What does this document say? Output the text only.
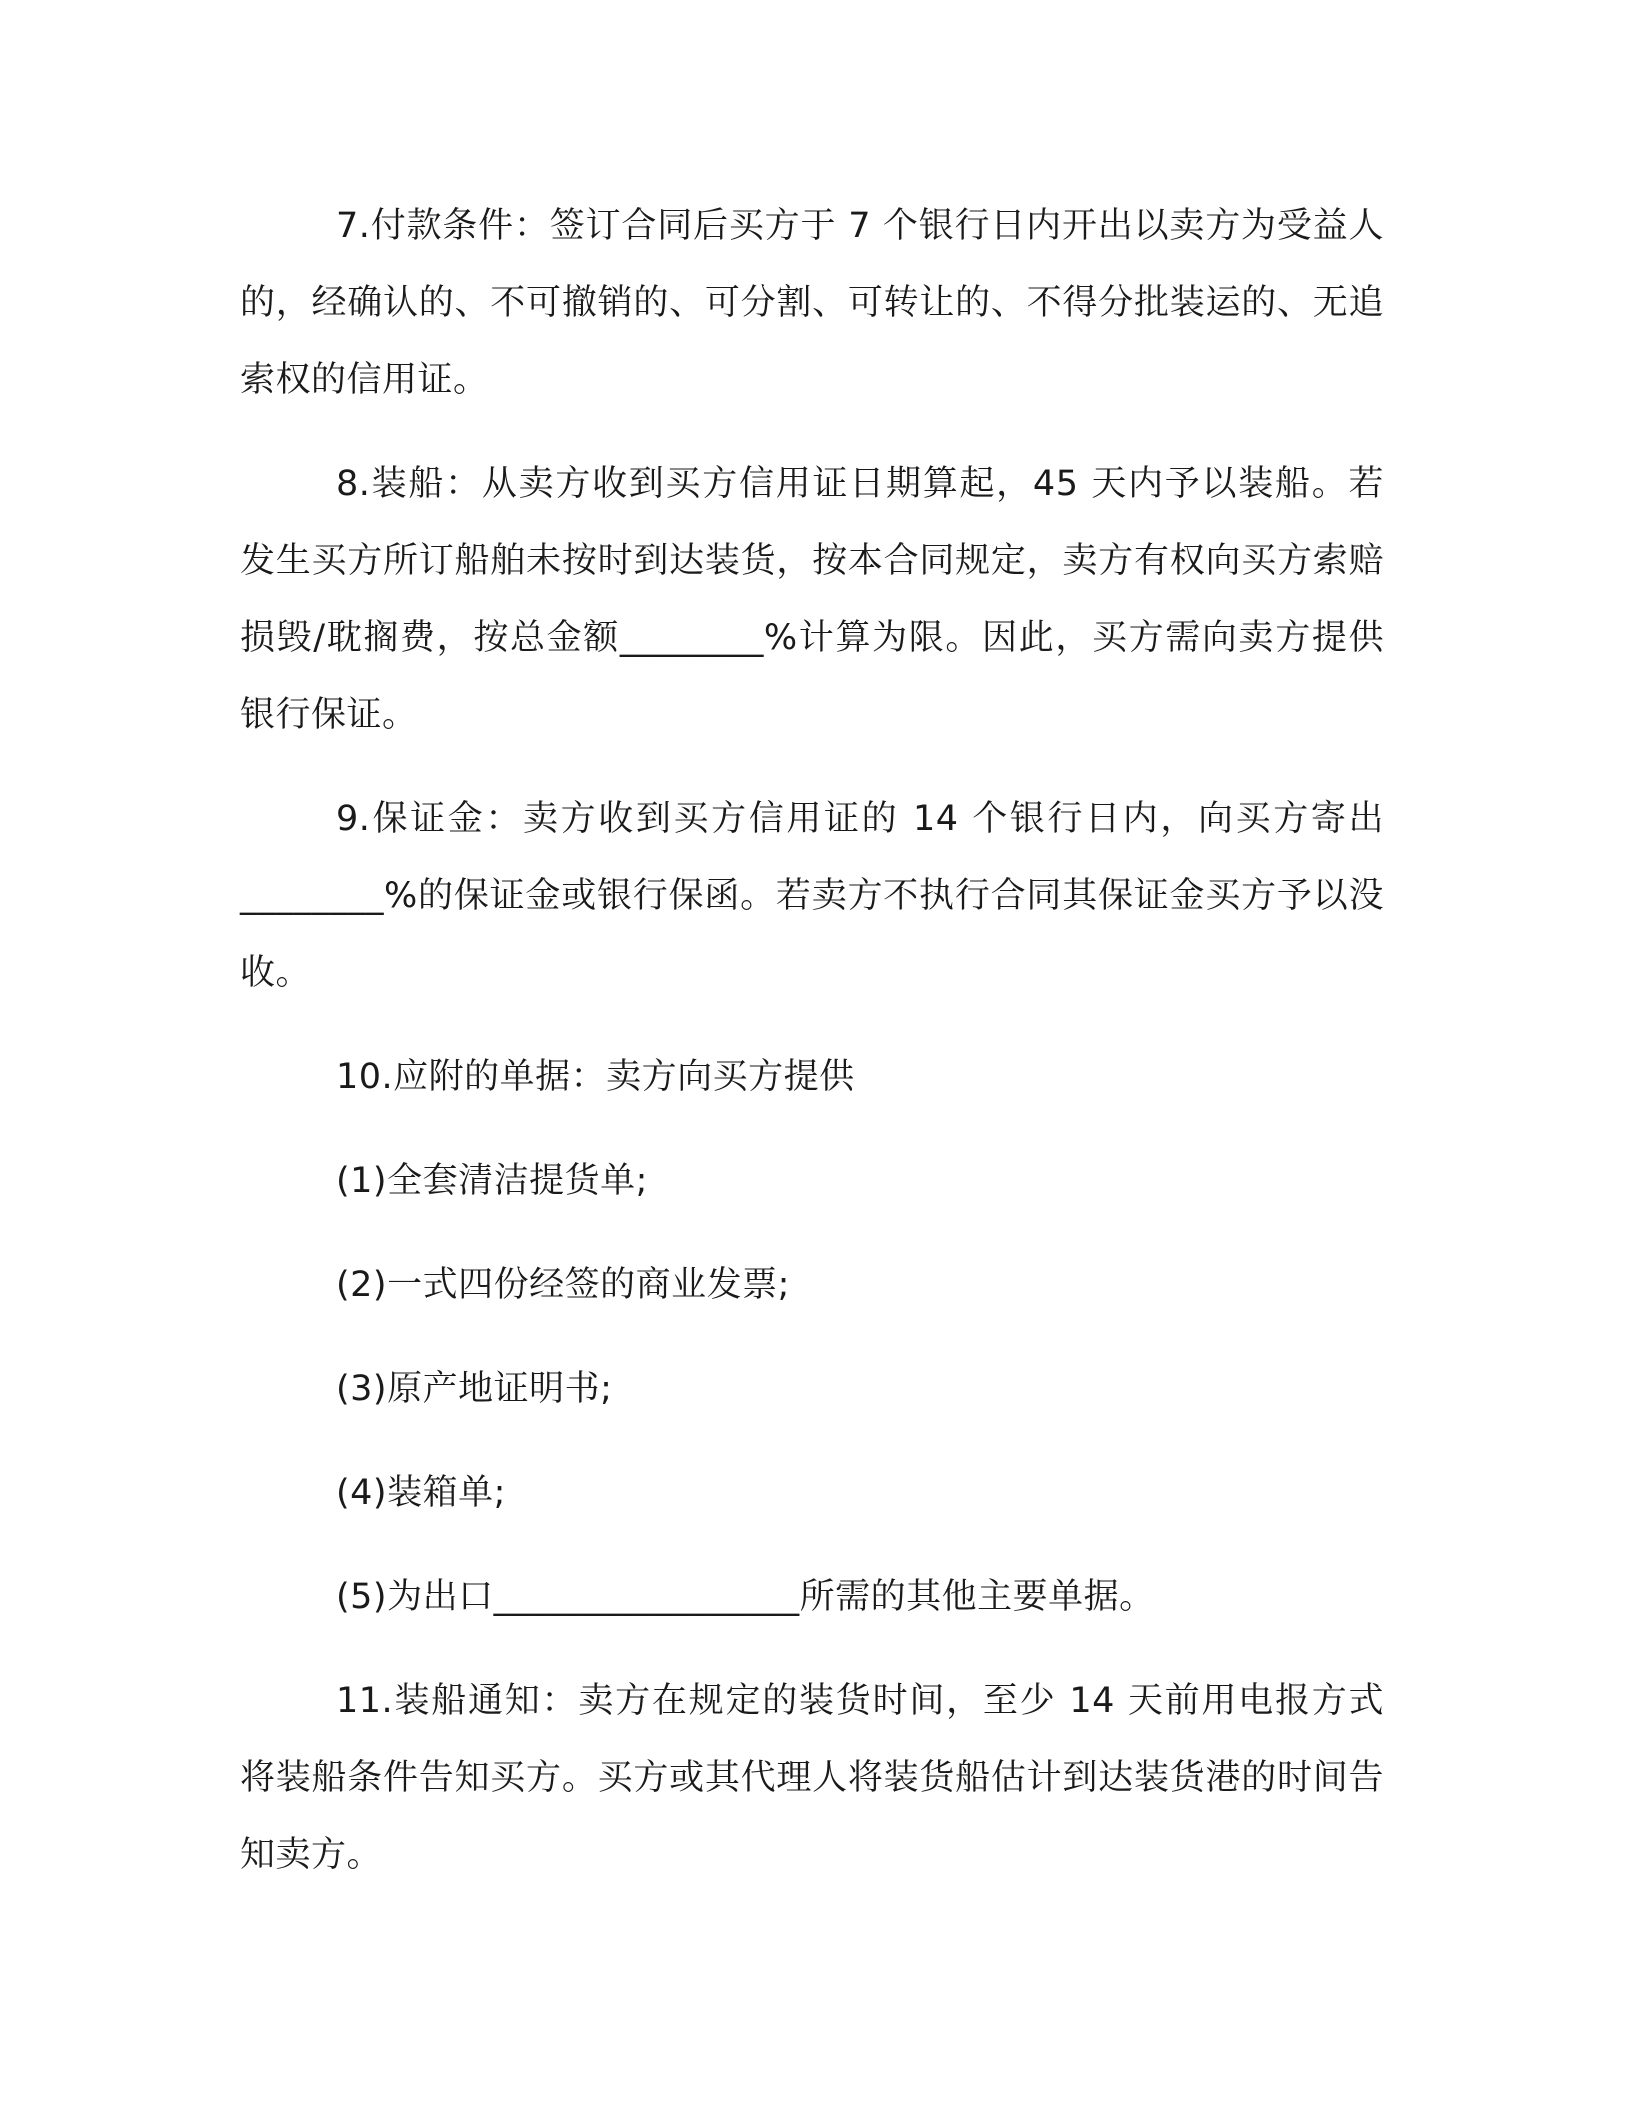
7.付款条件：签订合同后买方于 7 个银行日内开出以卖方为受益人的，经确认的、不可撤销的、可分割、可转让的、不得分批装运的、无追索权的信用证。

8.装船：从卖方收到买方信用证日期算起，45 天内予以装船。若发生买方所订船舶未按时到达装货，按本合同规定，卖方有权向买方索赔损毁/耽搁费，按总金额________%计算为限。因此，买方需向卖方提供银行保证。

9.保证金：卖方收到买方信用证的 14 个银行日内，向买方寄出________%的保证金或银行保函。若卖方不执行合同其保证金买方予以没收。

10.应附的单据：卖方向买方提供

(1)全套清洁提货单;

(2)一式四份经签的商业发票;

(3)原产地证明书;

(4)装箱单;

(5)为出口_________________所需的其他主要单据。

11.装船通知：卖方在规定的装货时间，至少 14 天前用电报方式将装船条件告知买方。买方或其代理人将装货船估计到达装货港的时间告知卖方。
